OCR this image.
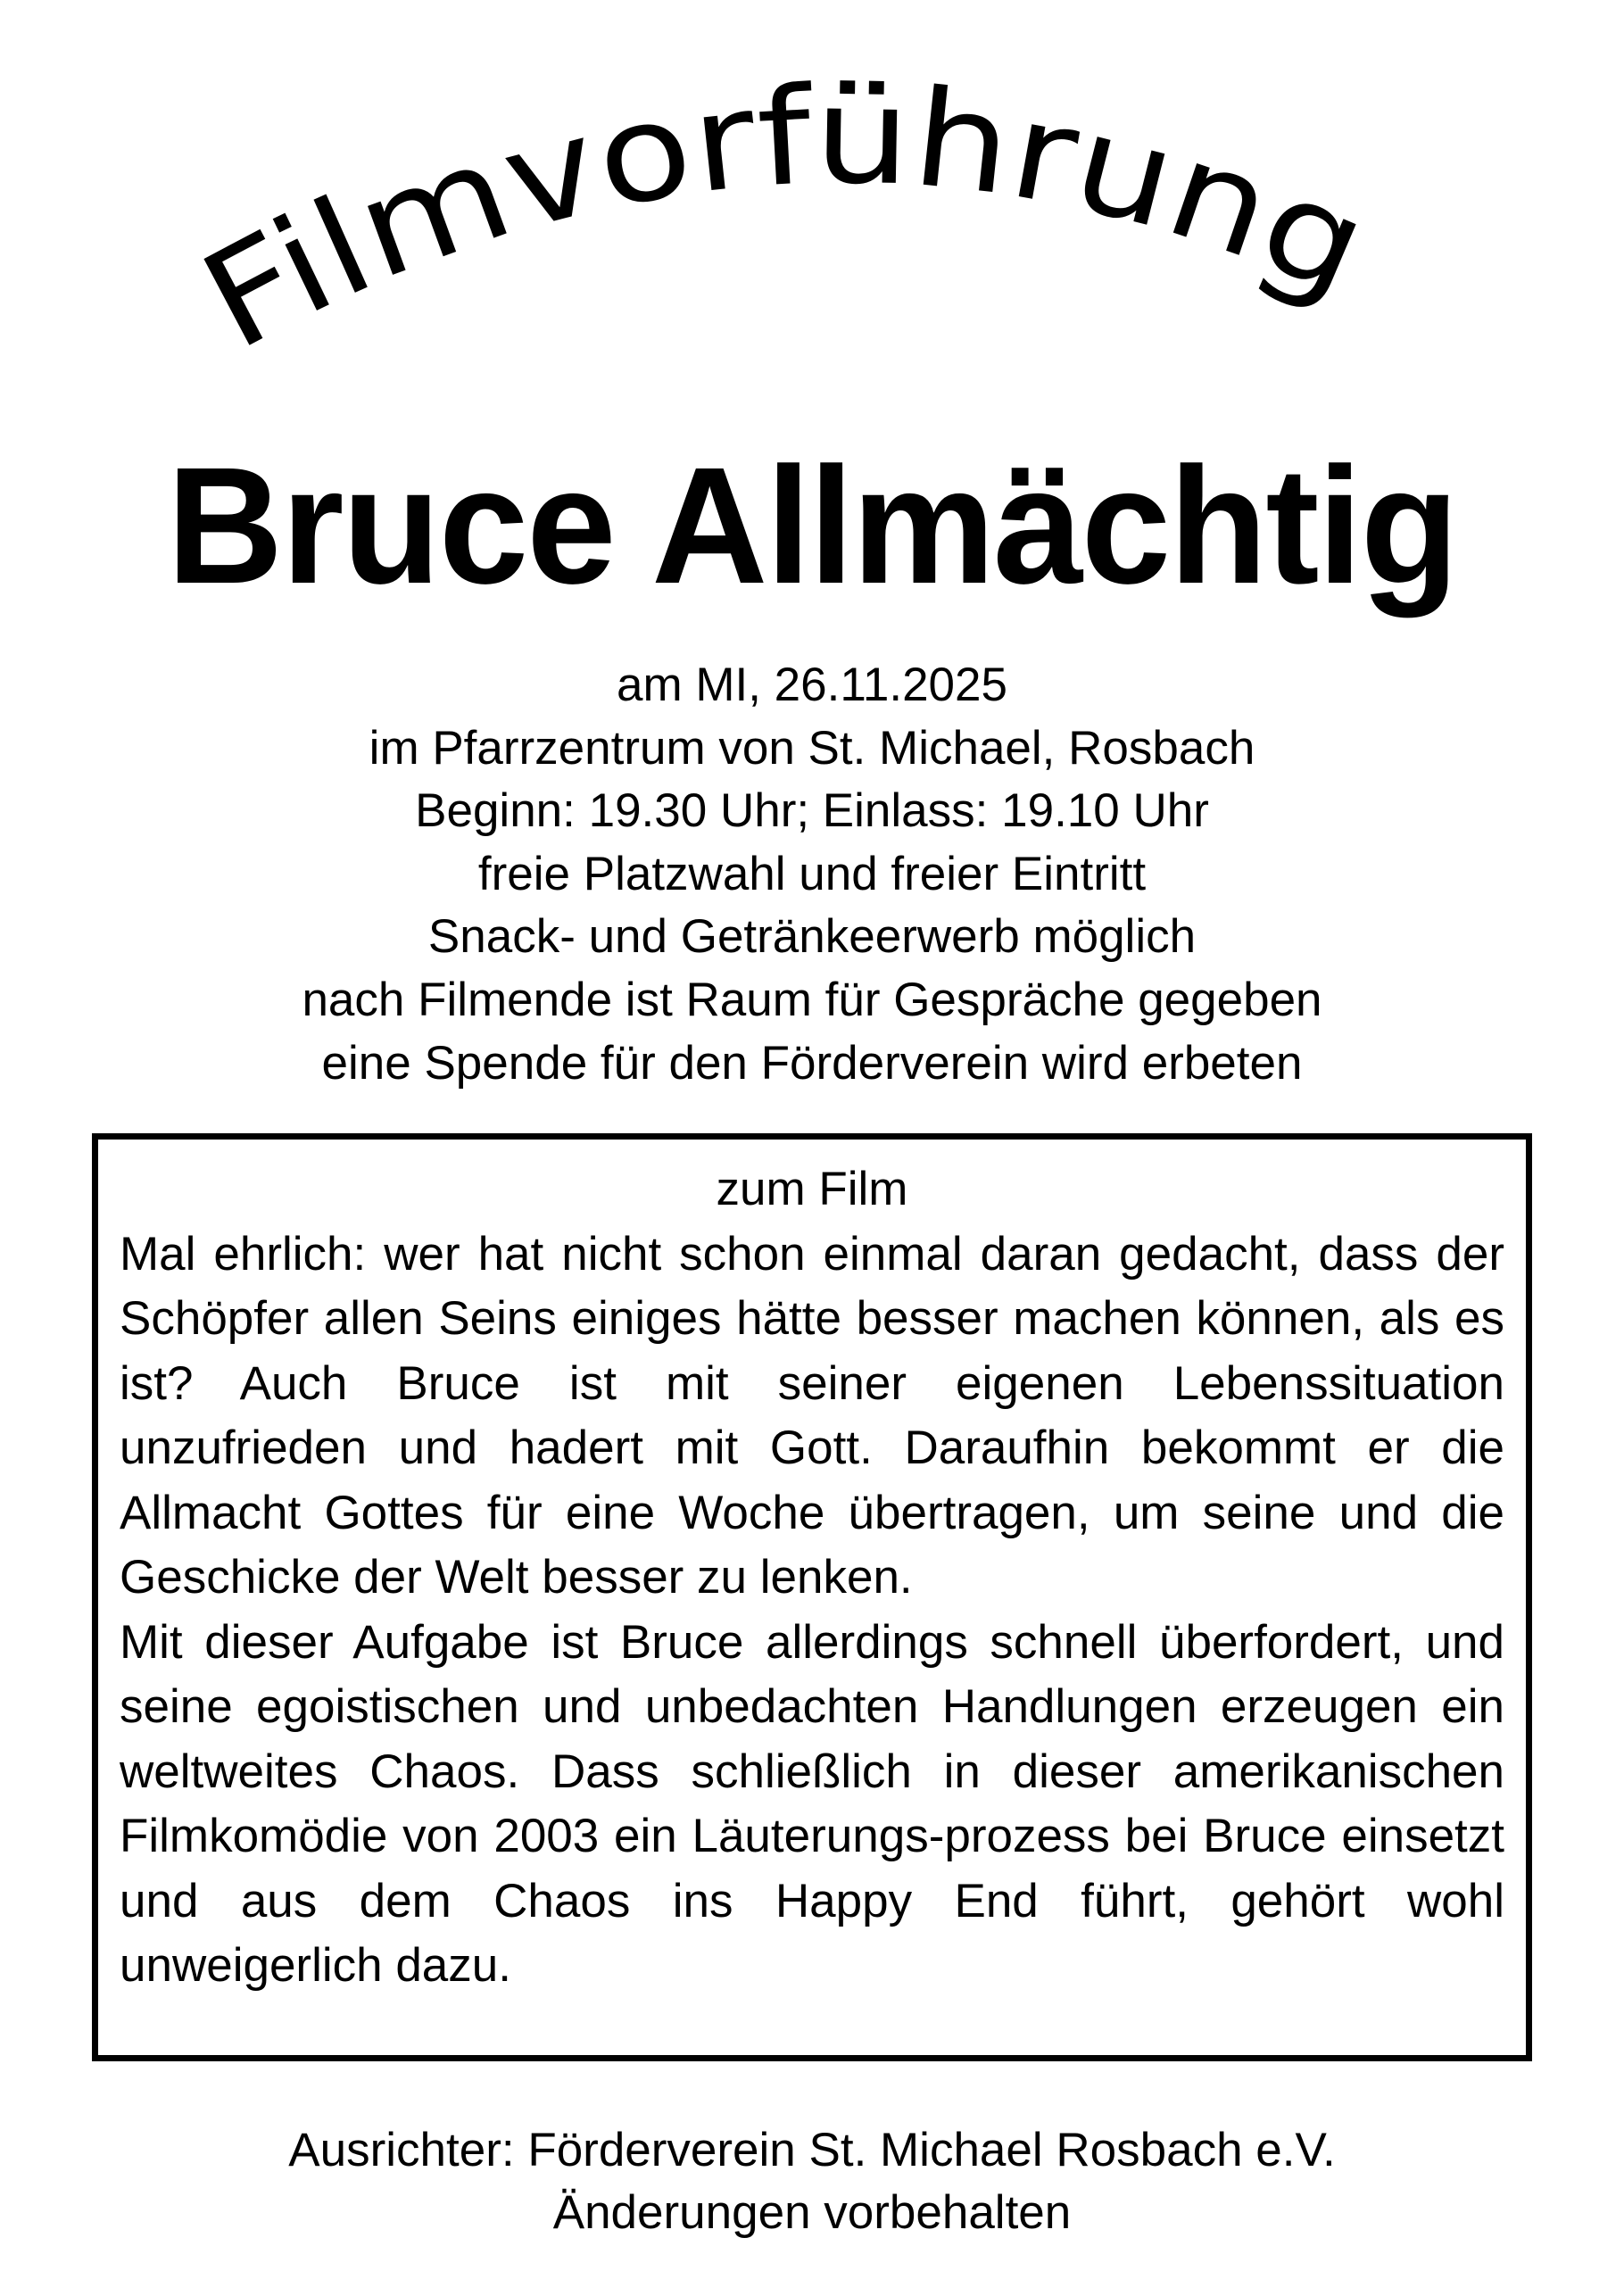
Filmvorführung
Bruce Allmächtig
am MI, 26.11.2025
im Pfarrzentrum von St. Michael, Rosbach
Beginn: 19.30 Uhr; Einlass: 19.10 Uhr
freie Platzwahl und freier Eintritt
Snack- und Getränkeerwerb möglich
nach Filmende ist Raum für Gespräche gegeben
eine Spende für den Förderverein wird erbeten
zum Film
Mal ehrlich: wer hat nicht schon einmal daran gedacht, dass der Schöpfer allen Seins einiges hätte besser machen können, als es ist? Auch Bruce ist mit seiner eigenen Lebenssituation unzufrieden und hadert mit Gott. Daraufhin bekommt er die Allmacht Gottes für eine Woche übertragen, um seine und die Geschicke der Welt besser zu lenken.
Mit dieser Aufgabe ist Bruce allerdings schnell überfordert, und seine egoistischen und unbedachten Handlungen erzeugen ein weltweites Chaos. Dass schließlich in dieser amerikanischen Filmkomödie von 2003 ein Läuterungs-prozess bei Bruce einsetzt und aus dem Chaos ins Happy End führt, gehört wohl unweigerlich dazu.
Ausrichter: Förderverein St. Michael Rosbach e.V.
Änderungen vorbehalten
